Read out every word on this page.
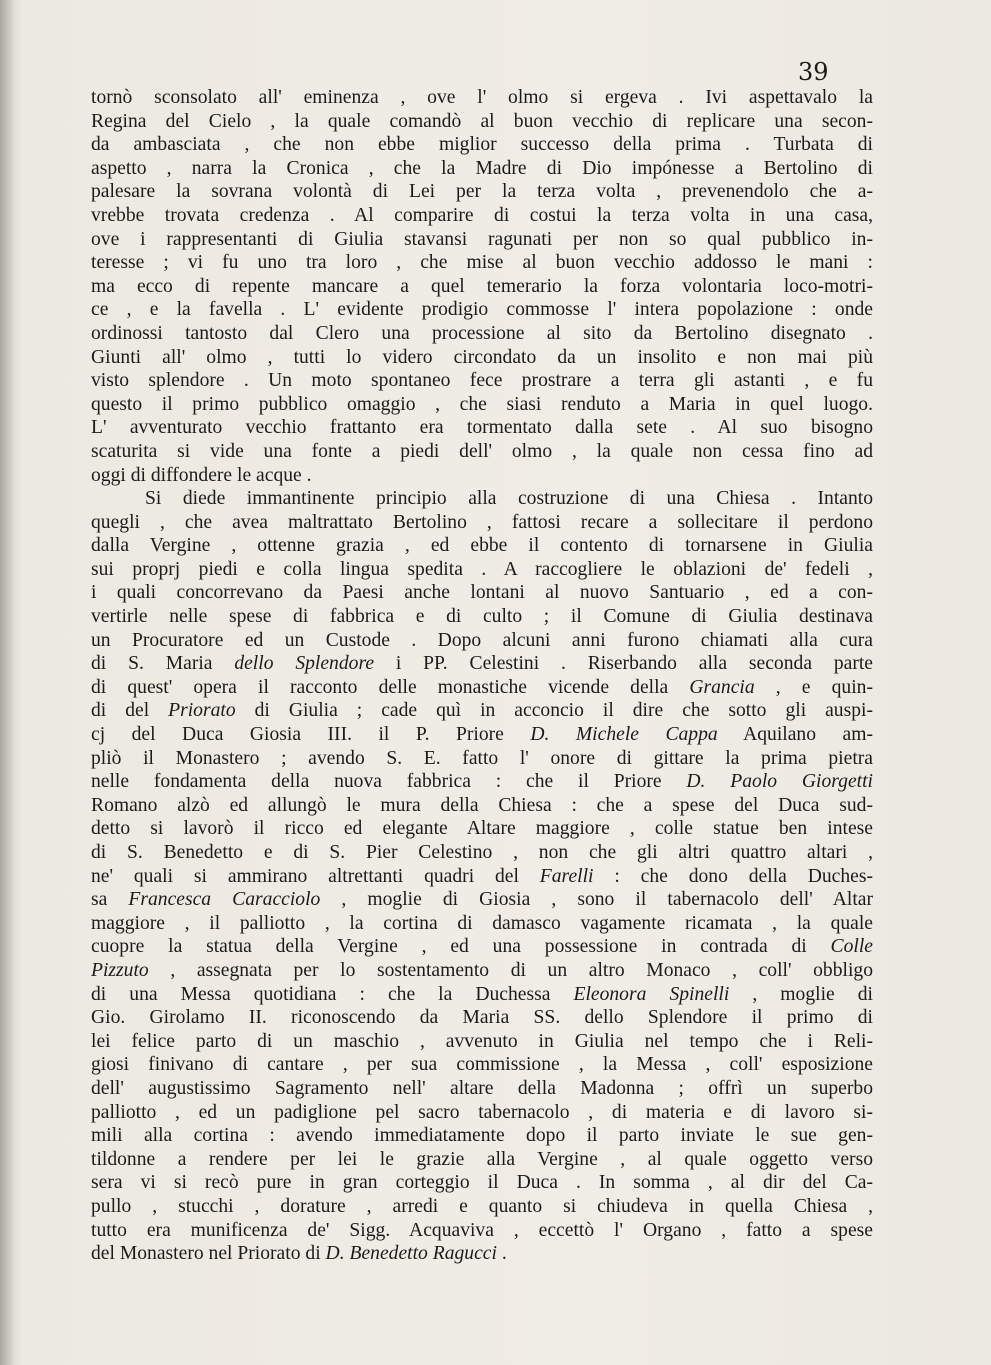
39
tornò sconsolato all' eminenza , ove l' olmo si ergeva . Ivi aspettavalo la
Regina del Cielo , la quale comandò al buon vecchio di replicare una secon-
da ambasciata , che non ebbe miglior successo della prima . Turbata di
aspetto , narra la Cronica , che la Madre di Dio impónesse a Bertolino di
palesare la sovrana volontà di Lei per la terza volta , prevenendolo che a-
vrebbe trovata credenza . Al comparire di costui la terza volta in una casa,
ove i rappresentanti di Giulia stavansi ragunati per non so qual pubblico in-
teresse ; vi fu uno tra loro , che mise al buon vecchio addosso le mani :
ma ecco di repente mancare a quel temerario la forza volontaria loco-motri-
ce , e la favella . L' evidente prodigio commosse l' intera popolazione : onde
ordinossi tantosto dal Clero una processione al sito da Bertolino disegnato .
Giunti all' olmo , tutti lo videro circondato da un insolito e non mai più
visto splendore . Un moto spontaneo fece prostrare a terra gli astanti , e fu
questo il primo pubblico omaggio , che siasi renduto a Maria in quel luogo.
L' avventurato vecchio frattanto era tormentato dalla sete . Al suo bisogno
scaturita si vide una fonte a piedi dell' olmo , la quale non cessa fino ad
oggi di diffondere le acque .
Si diede immantinente principio alla costruzione di una Chiesa . Intanto
quegli , che avea maltrattato Bertolino , fattosi recare a sollecitare il perdono
dalla Vergine , ottenne grazia , ed ebbe il contento di tornarsene in Giulia
sui proprj piedi e colla lingua spedita . A raccogliere le oblazioni de' fedeli ,
i quali concorrevano da Paesi anche lontani al nuovo Santuario , ed a con-
vertirle nelle spese di fabbrica e di culto ; il Comune di Giulia destinava
un Procuratore ed un Custode . Dopo alcuni anni furono chiamati alla cura
di S. Maria dello Splendore i PP. Celestini . Riserbando alla seconda parte
di quest' opera il racconto delle monastiche vicende della Grancia , e quin-
di del Priorato di Giulia ; cade quì in acconcio il dire che sotto gli auspi-
cj del Duca Giosia III. il P. Priore D. Michele Cappa Aquilano am-
pliò il Monastero ; avendo S. E. fatto l' onore di gittare la prima pietra
nelle fondamenta della nuova fabbrica : che il Priore D. Paolo Giorgetti
Romano alzò ed allungò le mura della Chiesa : che a spese del Duca sud-
detto si lavorò il ricco ed elegante Altare maggiore , colle statue ben intese
di S. Benedetto e di S. Pier Celestino , non che gli altri quattro altari ,
ne' quali si ammirano altrettanti quadri del Farelli : che dono della Duches-
sa Francesca Caracciolo , moglie di Giosia , sono il tabernacolo dell' Altar
maggiore , il palliotto , la cortina di damasco vagamente ricamata , la quale
cuopre la statua della Vergine , ed una possessione in contrada di Colle
Pizzuto , assegnata per lo sostentamento di un altro Monaco , coll' obbligo
di una Messa quotidiana : che la Duchessa Eleonora Spinelli , moglie di
Gio. Girolamo II. riconoscendo da Maria SS. dello Splendore il primo di
lei felice parto di un maschio , avvenuto in Giulia nel tempo che i Reli-
giosi finivano di cantare , per sua commissione , la Messa , coll' esposizione
dell' augustissimo Sagramento nell' altare della Madonna ; offrì un superbo
palliotto , ed un padiglione pel sacro tabernacolo , di materia e di lavoro si-
mili alla cortina : avendo immediatamente dopo il parto inviate le sue gen-
tildonne a rendere per lei le grazie alla Vergine , al quale oggetto verso
sera vi si recò pure in gran corteggio il Duca . In somma , al dir del Ca-
pullo , stucchi , dorature , arredi e quanto si chiudeva in quella Chiesa ,
tutto era munificenza de' Sigg. Acquaviva , eccettò l' Organo , fatto a spese
del Monastero nel Priorato di D. Benedetto Ragucci .
